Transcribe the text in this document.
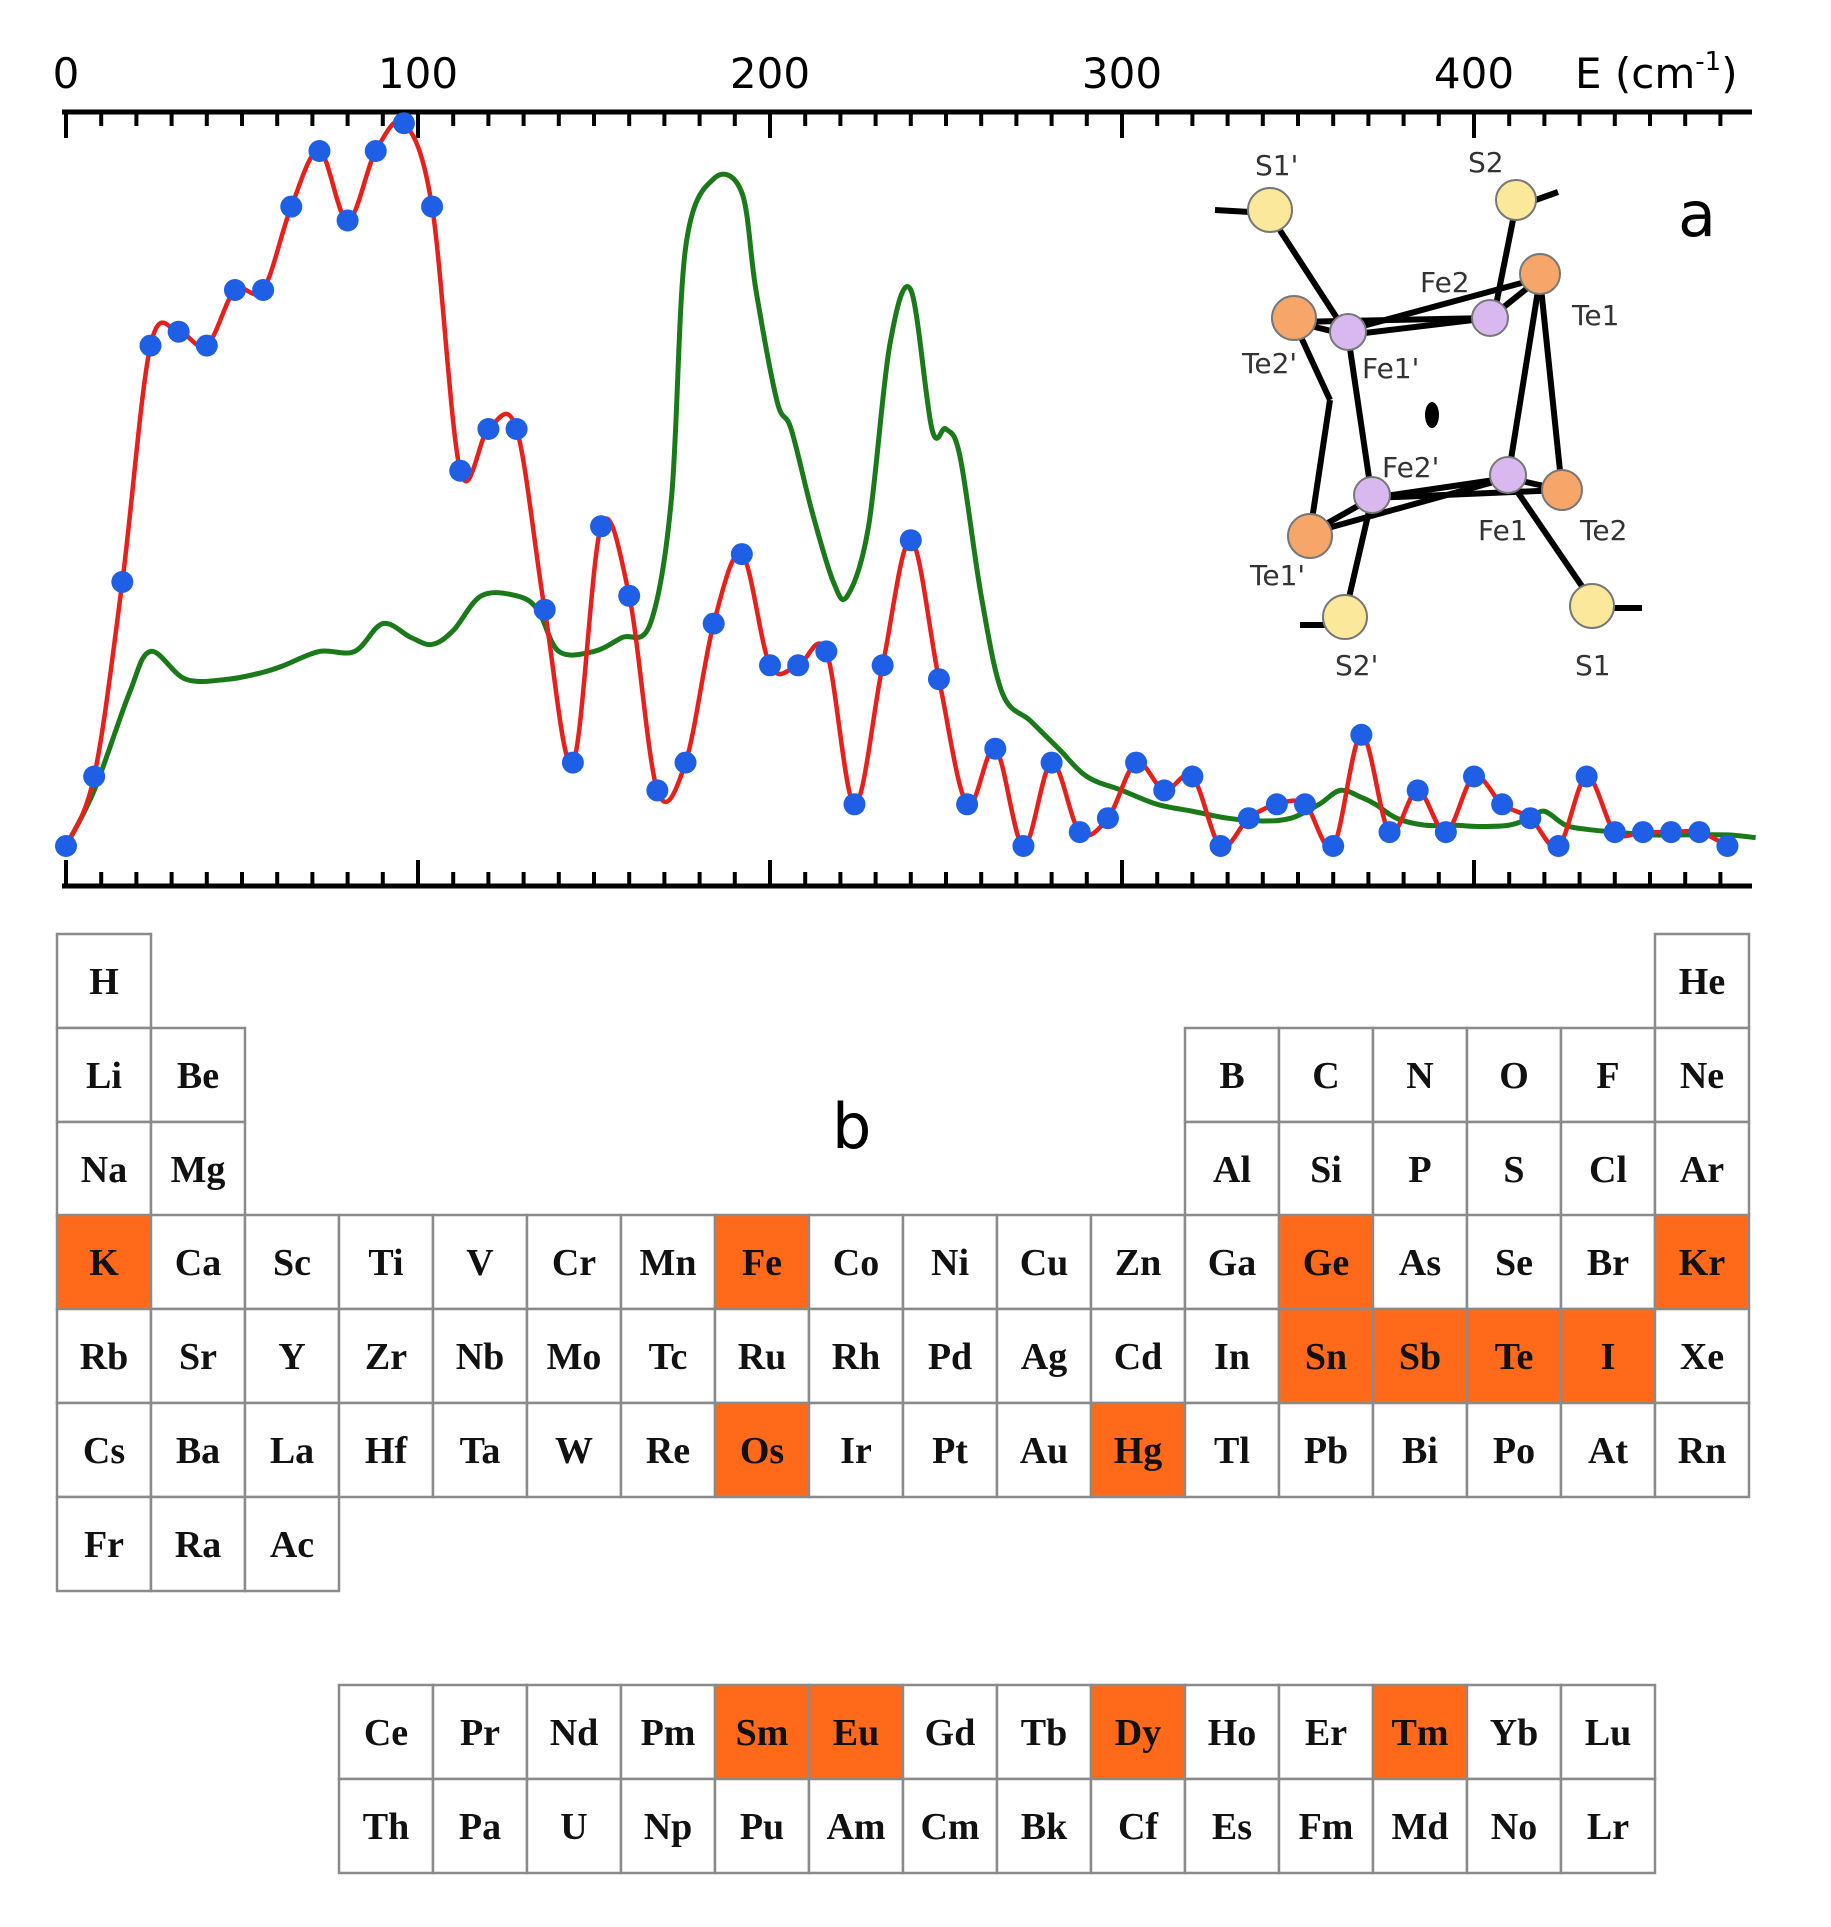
0	100	200	300	400 E $(cm^{-1})$
a
S1'	S2
Fe2
Te1
Te2' Fe1'
Fe2'
Fe1 Te2
Te1'
S2'	S1
b
H	He
Li Be	B C N O F Ne
Na Mg	Al Si P S Cl Ar
K Ca Sc Ti V Cr Mn Fe Co Ni Cu Zn Ga Ge As Se Br Kr
Rb Sr Y Zr Nb Mo Tc Ru Rh Pd Ag Cd In Sn Sb Te I Xe
Cs Ba La Hf Ta W Re Os Ir Pt Au Hg Tl Pb Bi Po At Rn
Fr Ra Ac
Ce Pr Nd Pm Sm Eu Gd Tb Dy Ho Er Tm Yb Lu
Th Pa U Np Pu Am Cm Bk Cf Es Fm Md No Lr
